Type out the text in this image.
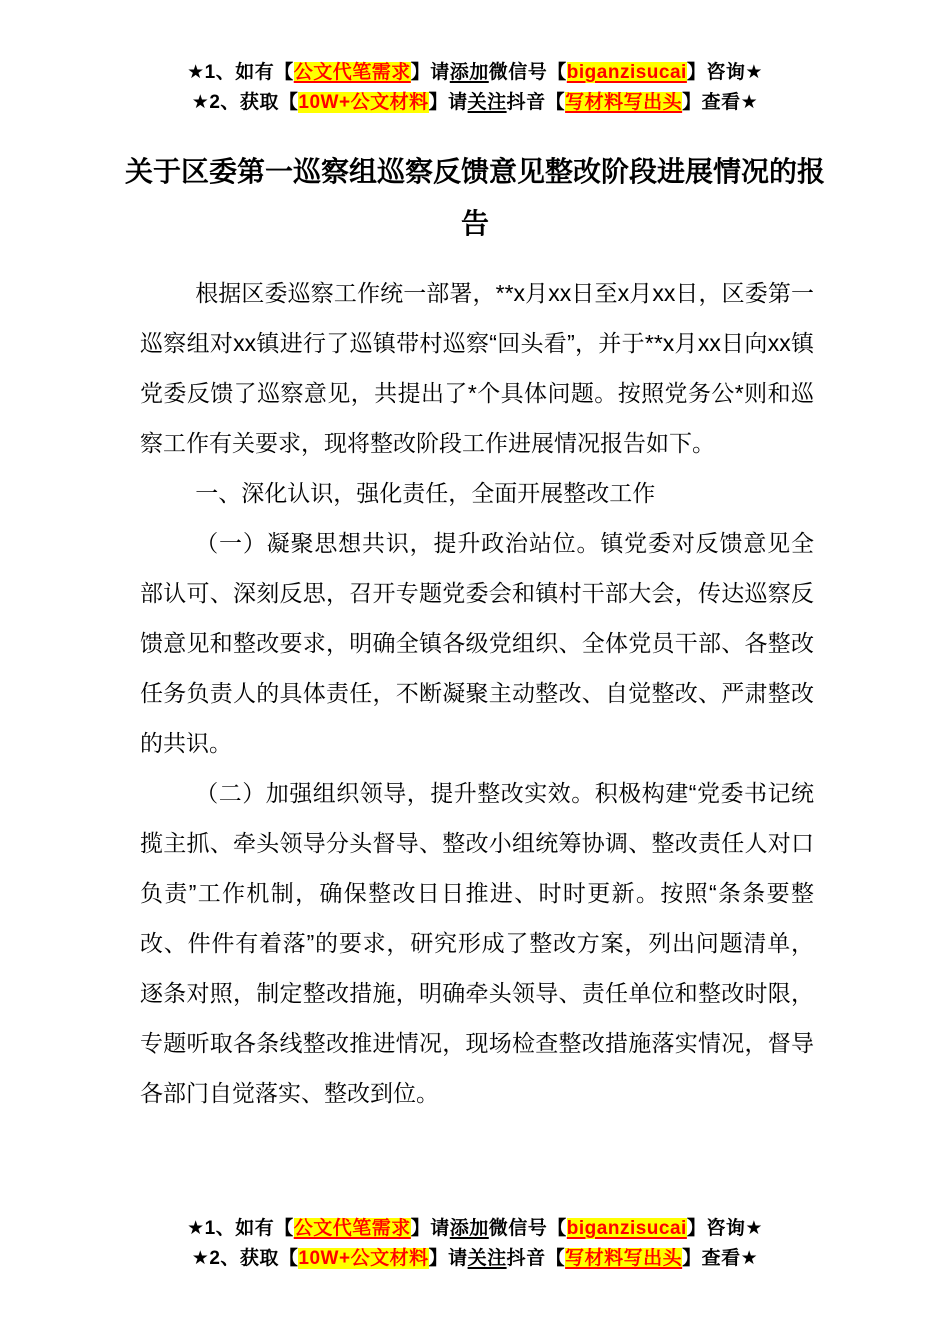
★1、如有【公文代笔需求】请添加微信号【biganzisucai】咨询★
★2、获取【10W+公文材料】请关注抖音【写材料写出头】查看★
关于区委第一巡察组巡察反馈意见整改阶段进展情况的报告

根据区委巡察工作统一部署，**x月xx日至x月xx日，区委第一巡察组对xx镇进行了巡镇带村巡察“回头看”，并于**x月xx日向xx镇党委反馈了巡察意见，共提出了*个具体问题。按照党务公*则和巡察工作有关要求，现将整改阶段工作进展情况报告如下。

一、深化认识，强化责任，全面开展整改工作

（一）凝聚思想共识，提升政治站位。镇党委对反馈意见全部认可、深刻反思，召开专题党委会和镇村干部大会，传达巡察反馈意见和整改要求，明确全镇各级党组织、全体党员干部、各整改任务负责人的具体责任，不断凝聚主动整改、自觉整改、严肃整改的共识。

（二）加强组织领导，提升整改实效。积极构建“党委书记统揽主抓、牵头领导分头督导、整改小组统筹协调、整改责任人对口负责”工作机制，确保整改日日推进、时时更新。按照“条条要整改、件件有着落”的要求，研究形成了整改方案，列出问题清单，逐条对照，制定整改措施，明确牵头领导、责任单位和整改时限，专题听取各条线整改推进情况，现场检查整改措施落实情况，督导各部门自觉落实、整改到位。

★1、如有【公文代笔需求】请添加微信号【biganzisucai】咨询★
★2、获取【10W+公文材料】请关注抖音【写材料写出头】查看★
